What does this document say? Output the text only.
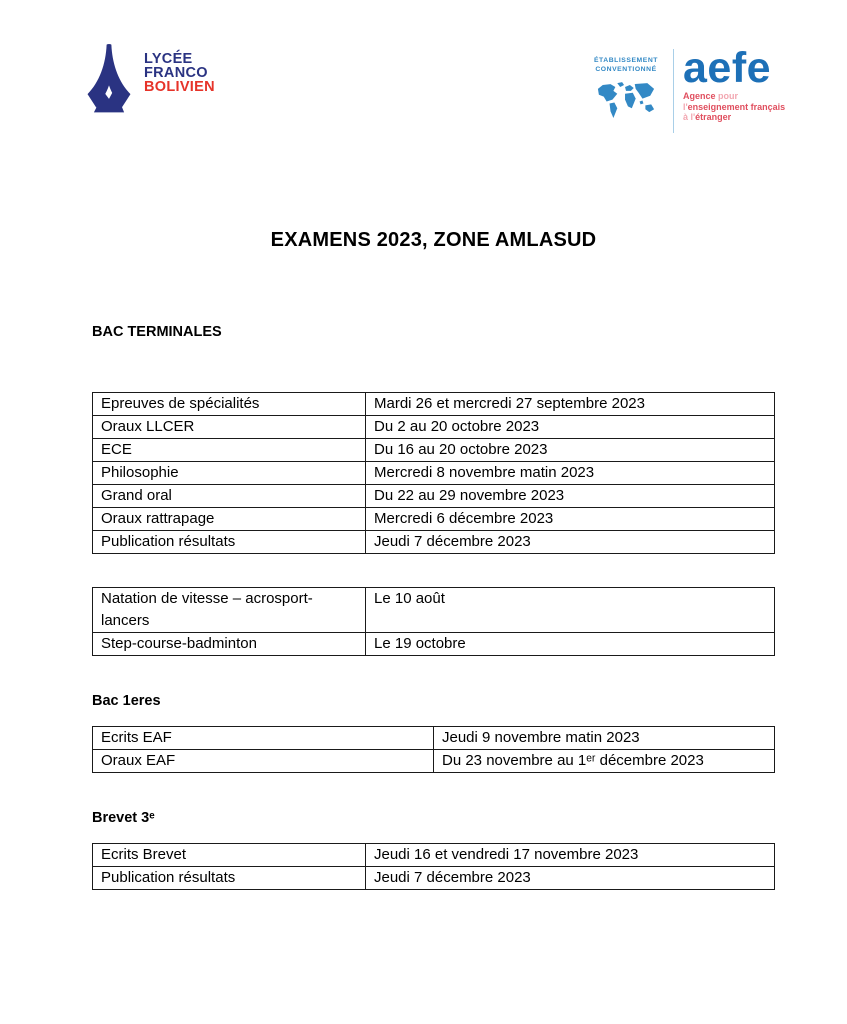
LYCÉE
FRANCO
BOLIVIEN
ÉTABLISSEMENT
CONVENTIONNÉ aefe
Agence pour
l'enseignement français
à l'étranger
EXAMENS 2023, ZONE AMLASUD
BAC TERMINALES
Epreuves de spécialités	Mardi 26 et mercredi 27 septembre 2023
Oraux LLCER	Du 2 au 20 octobre 2023
ECE	Du 16 au 20 octobre 2023
Philosophie	Mercredi 8 novembre matin 2023
Grand oral	Du 22 au 29 novembre 2023
Oraux rattrapage	Mercredi 6 décembre 2023
Publication résultats	Jeudi 7 décembre 2023
Natation de vitesse – acrosport-lancers	Le 10 août
Step-course-badminton	Le 19 octobre
Bac 1eres
Ecrits EAF	Jeudi 9 novembre matin 2023
Oraux EAF	Du 23 novembre au 1ᵉʳ décembre 2023
Brevet 3ᵉ
Ecrits Brevet	Jeudi 16 et vendredi 17 novembre 2023
Publication résultats	Jeudi 7 décembre 2023
